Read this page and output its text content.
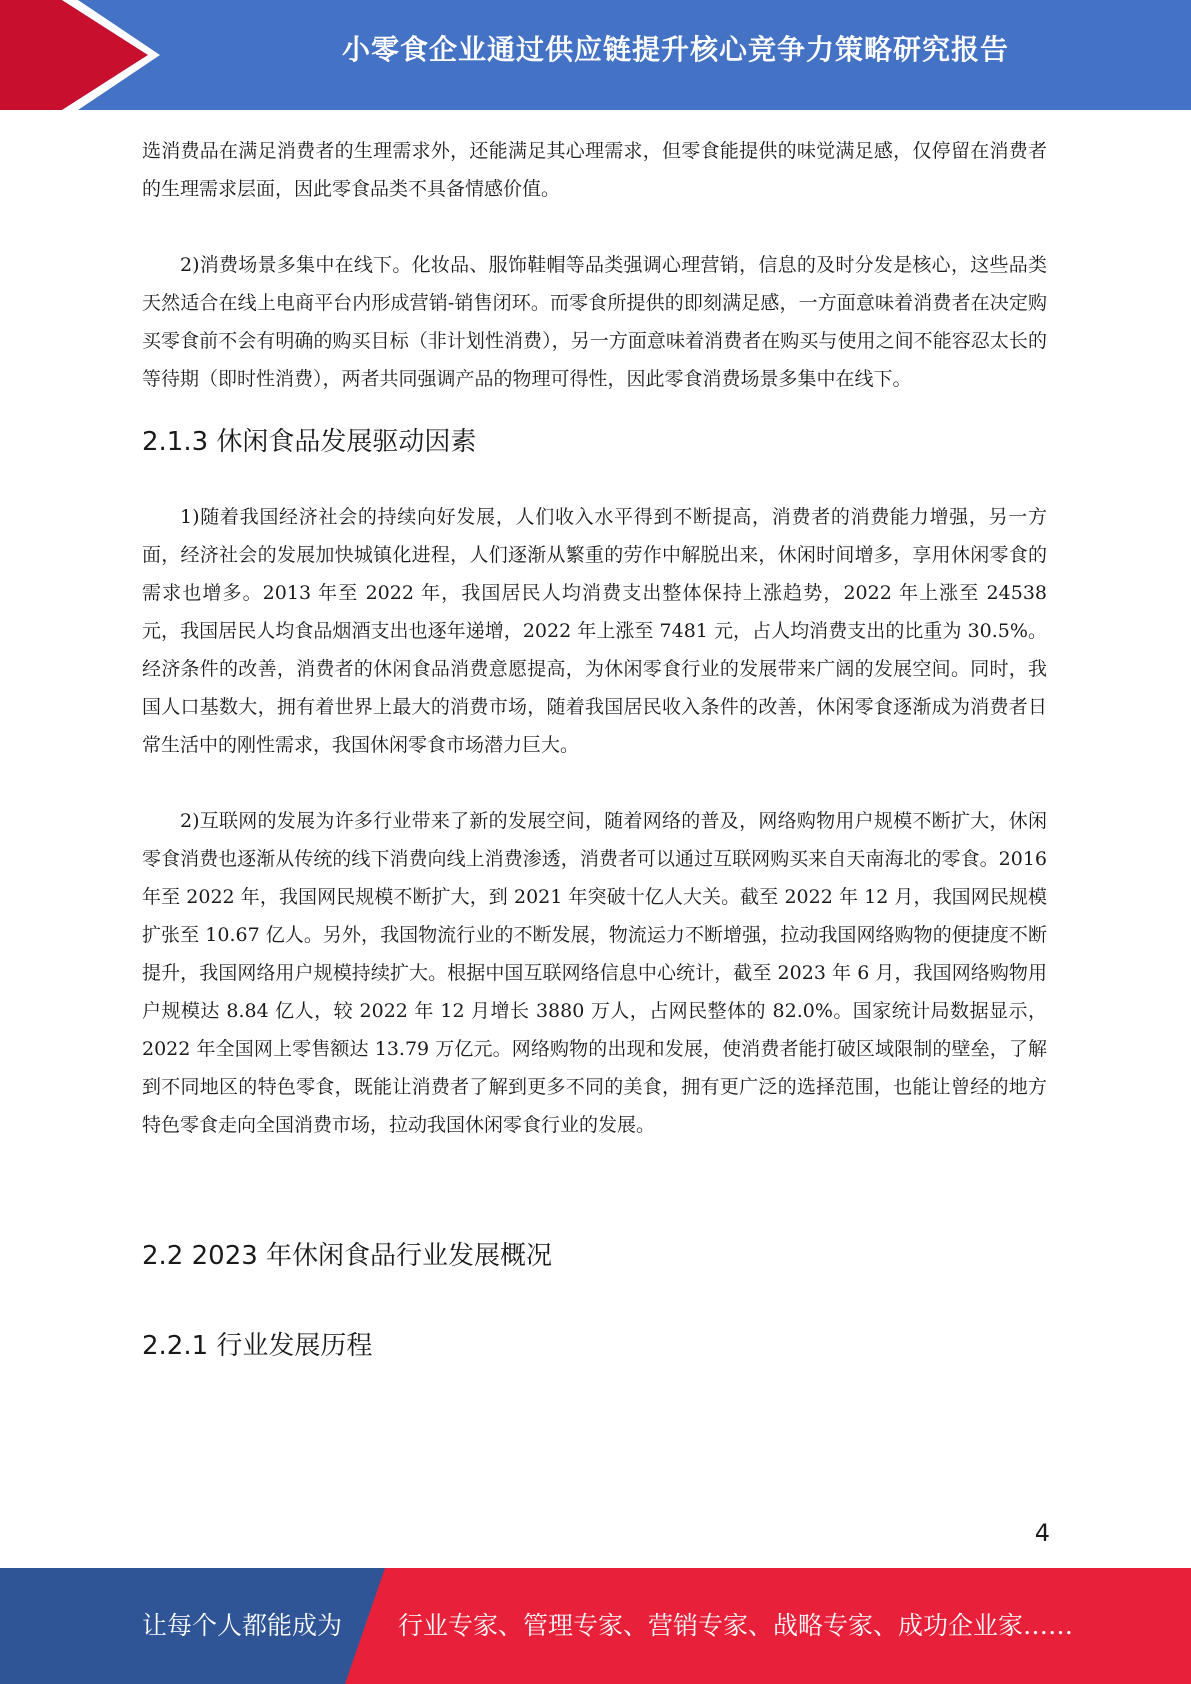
小零食企业通过供应链提升核心竞争力策略研究报告

选消费品在满足消费者的生理需求外，还能满足其心理需求，但零食能提供的味觉满足感，仅停留在消费者的生理需求层面，因此零食品类不具备情感价值。

2)消费场景多集中在线下。化妆品、服饰鞋帽等品类强调心理营销，信息的及时分发是核心，这些品类天然适合在线上电商平台内形成营销-销售闭环。而零食所提供的即刻满足感，一方面意味着消费者在决定购买零食前不会有明确的购买目标（非计划性消费），另一方面意味着消费者在购买与使用之间不能容忍太长的等待期（即时性消费），两者共同强调产品的物理可得性，因此零食消费场景多集中在线下。

2.1.3 休闲食品发展驱动因素

1)随着我国经济社会的持续向好发展，人们收入水平得到不断提高，消费者的消费能力增强，另一方面，经济社会的发展加快城镇化进程，人们逐渐从繁重的劳作中解脱出来，休闲时间增多，享用休闲零食的需求也增多。2013 年至 2022 年，我国居民人均消费支出整体保持上涨趋势，2022 年上涨至 24538 元，我国居民人均食品烟酒支出也逐年递增，2022 年上涨至 7481 元，占人均消费支出的比重为 30.5%。经济条件的改善，消费者的休闲食品消费意愿提高，为休闲零食行业的发展带来广阔的发展空间。同时，我国人口基数大，拥有着世界上最大的消费市场，随着我国居民收入条件的改善，休闲零食逐渐成为消费者日常生活中的刚性需求，我国休闲零食市场潜力巨大。

2)互联网的发展为许多行业带来了新的发展空间，随着网络的普及，网络购物用户规模不断扩大，休闲零食消费也逐渐从传统的线下消费向线上消费渗透，消费者可以通过互联网购买来自天南海北的零食。2016 年至 2022 年，我国网民规模不断扩大，到 2021 年突破十亿人大关。截至 2022 年 12 月，我国网民规模扩张至 10.67 亿人。另外，我国物流行业的不断发展，物流运力不断增强，拉动我国网络购物的便捷度不断提升，我国网络用户规模持续扩大。根据中国互联网络信息中心统计，截至 2023 年 6 月，我国网络购物用户规模达 8.84 亿人，较 2022 年 12 月增长 3880 万人，占网民整体的 82.0%。国家统计局数据显示，2022 年全国网上零售额达 13.79 万亿元。网络购物的出现和发展，使消费者能打破区域限制的壁垒，了解到不同地区的特色零食，既能让消费者了解到更多不同的美食，拥有更广泛的选择范围，也能让曾经的地方特色零食走向全国消费市场，拉动我国休闲零食行业的发展。

2.2 2023 年休闲食品行业发展概况
2.2.1 行业发展历程
4
让每个人都能成为 行业专家、管理专家、营销专家、战略专家、成功企业家……
